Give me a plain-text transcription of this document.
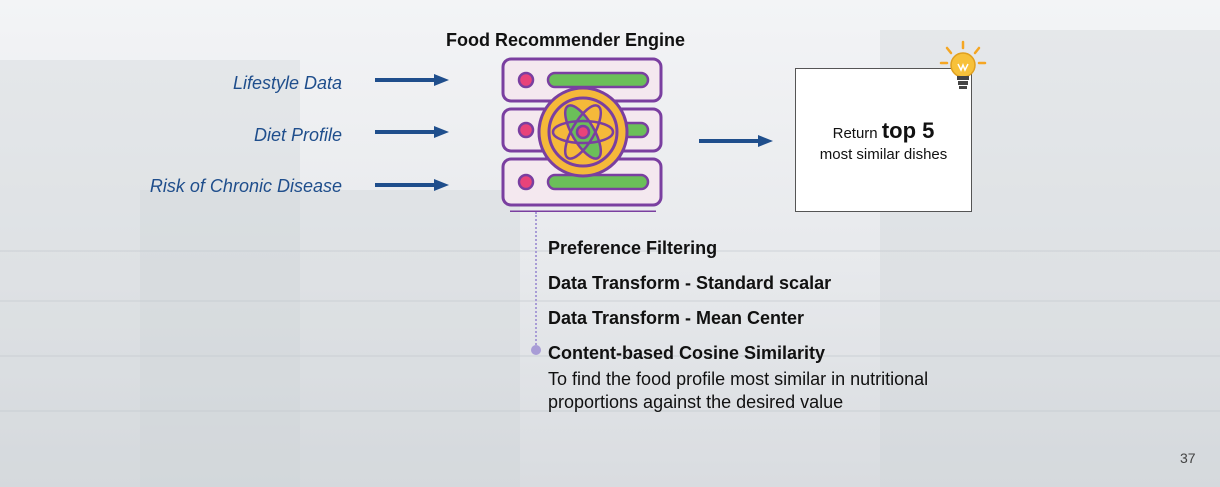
Food Recommender Engine
Lifestyle Data
Diet Profile
Risk of Chronic Disease
Return top 5
most similar dishes
Preference Filtering
Data Transform - Standard scalar
Data Transform - Mean Center
Content-based Cosine Similarity
To find the food profile most similar in nutritional proportions against the desired value
37
